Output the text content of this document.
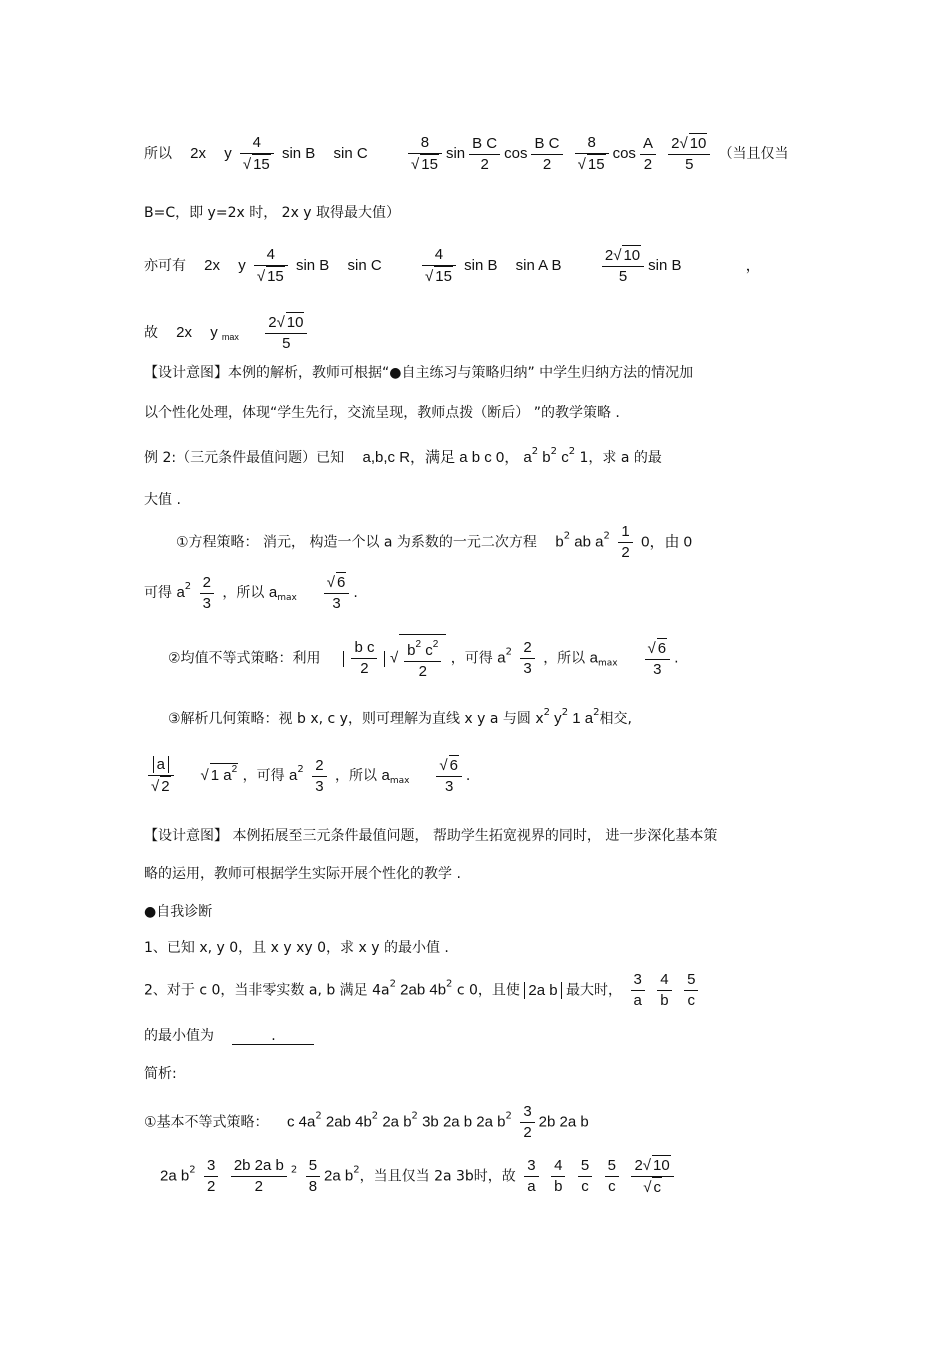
所以 2x y $\frac{4}{√ 15}$ sin B sin C	$\frac{8}{√ 15}$ $\sin \frac{\text{B C}}{2}$ $\cos \frac{\text{B C}}{2}$
$\frac{8}{√ 15}$ $\cos \frac{A}{2}$
$\frac{2√ 10}{5}$ （当且仅当
B=C，即 y=2x 时， 2x y 取得最大值）
亦可有 2x y $\frac{4}{√ 15}$ sin B sin C	$\frac{4}{√ 15}$ sin B sin A B	$\frac{2√ 10}{5}$ sin B	，
故 2x y $_{max} \frac{2√ 10}{5}$
【设计意图】本例的解析，教师可根据“●自主练习与策略归纳” 中学生归纳方法的情况加
以个性化处理，体现“学生先行，交流呈现，教师点拨（断后） ”的教学策略 .
例 2:（三元条件最值问题）已知 a,b,c R，满足 a b c 0， $a^2$ $b^2$ $c^2$ 1，求 a 的最
大值 .
①方程策略： 消元， 构造一个以 a 为系数的一元二次方程 $b^2$ ab $a^2 \frac{1}{2} 0$，由 0
可得 $a^2 \frac{2}{3}$ ，所以 $a_{max} \frac{√ 6}{3}$ .
②均值不等式策略：利用 $\frac{\text{b c}}{2}$ √ $\frac{b^2 c^2}{2}$ ，可得 $a^2 \frac{2}{3}$ ，所以 $a_{max} \frac{√ 6}{3}$ .
③解析几何策略：视 b x, c y，则可理解为直线 x y a 与圆 $x^2$ $y^2$ 1 $a^2$相交,
$\frac{a}{√ 2}$ √ 1 $a^2$ ，可得 $a^2 \frac{2}{3}$ ，所以 $a_{max} \frac{√ 6}{3}$ .
【设计意图】 本例拓展至三元条件最值问题， 帮助学生拓宽视界的同时， 进一步深化基本策
略的运用，教师可根据学生实际开展个性化的教学 .
●自我诊断
1、已知 x, y 0，且 x y xy 0，求 x y 的最小值 .
2、对于 c 0，当非零实数 a, b 满足 $4a^2$ 2ab $4b^2$ c 0，且使 2a b 最大时， $\frac{3}{a}$
$\frac{4}{b}$
$\frac{5}{c}$
的最小值为	.
简析:
①基本不等式策略： c $4a^2$ 2ab $4b^2$ 2a $b^2$ 3b 2a b 2a $b^2 \frac{3}{2} 2b$ 2a b
2a $b^2 \frac{3}{2}$
$\frac{\text{2b 2a b}}{2} ^2 \frac{5}{8} 2a$ $b^2$，当且仅当 2a 3b时，故 $\frac{3}{a}$
$\frac{4}{b}$
$\frac{5}{c}$
$\frac{5}{c}$
$\frac{2√ 10}{√ c}$
